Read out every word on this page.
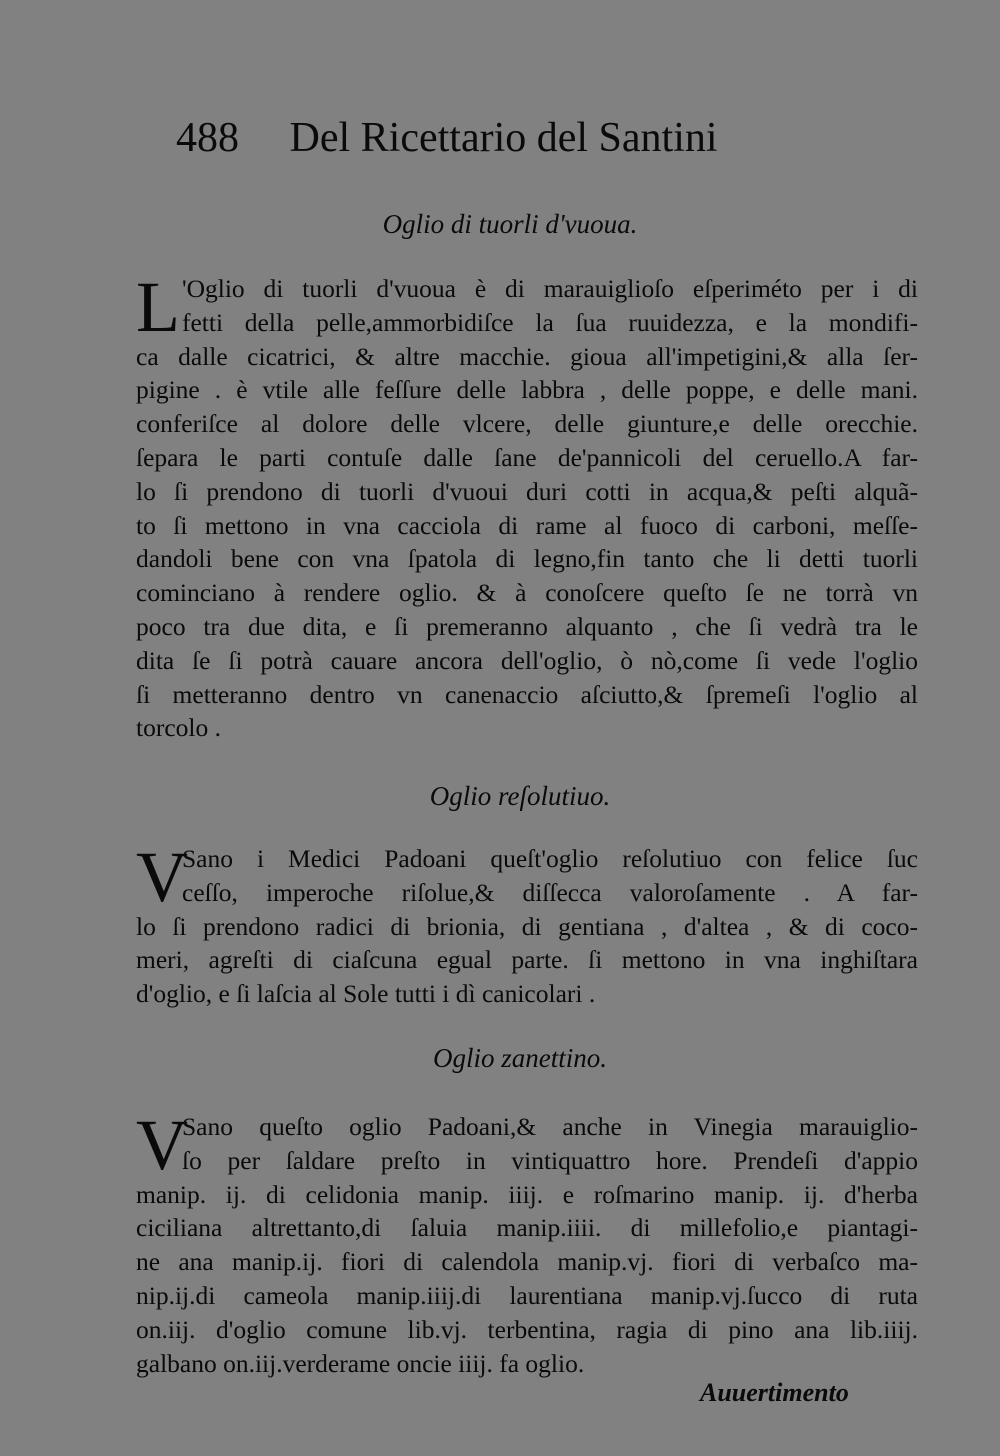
488 Del Ricettario del Santini
Oglio di tuorli d'vuoua.
L 'Oglio di tuorli d'vuoua è di marauiglioſo eſperiméto per i di
fetti della pelle,ammorbidiſce la ſua ruuidezza, e la mondifi-
ca dalle cicatrici, & altre macchie. gioua all'impetigini,& alla ſer-
pigine . è vtile alle feſſure delle labbra , delle poppe, e delle mani.
conferiſce al dolore delle vlcere, delle giunture,e delle orecchie.
ſepara le parti contuſe dalle ſane de'pannicoli del ceruello.A far-
lo ſi prendono di tuorli d'vuoui duri cotti in acqua,& peſti alquã-
to ſi mettono in vna cacciola di rame al fuoco di carboni, meſſe-
dandoli bene con vna ſpatola di legno,fin tanto che li detti tuorli
cominciano à rendere oglio. & à conoſcere queſto ſe ne torrà vn
poco tra due dita, e ſi premeranno alquanto , che ſi vedrà tra le
dita ſe ſi potrà cauare ancora dell'oglio, ò nò,come ſi vede l'oglio
ſi metteranno dentro vn canenaccio aſciutto,& ſpremeſi l'oglio al
torcolo .
Oglio reſolutiuo.
V
Sano i Medici Padoani queſt'oglio reſolutiuo con felice ſuc
ceſſo, imperoche riſolue,& diſſecca valoroſamente . A far-
lo ſi prendono radici di brionia, di gentiana , d'altea , & di coco-
meri, agreſti di ciaſcuna egual parte. ſi mettono in vna inghiſtara
d'oglio, e ſi laſcia al Sole tutti i dì canicolari .
Oglio zanettino.
V
Sano queſto oglio Padoani,& anche in Vinegia marauiglio-
ſo per ſaldare preſto in vintiquattro hore. Prendeſi d'appio
manip. ij. di celidonia manip. iiij. e roſmarino manip. ij. d'herba
ciciliana altrettanto,di ſaluia manip.iiii. di millefolio,e piantagi-
ne ana manip.ij. fiori di calendola manip.vj. fiori di verbaſco ma-
nip.ij.di cameola manip.iiij.di laurentiana manip.vj.ſucco di ruta
on.iij. d'oglio comune lib.vj. terbentina, ragia di pino ana lib.iiij.
galbano on.iij.verderame oncie iiij. fa oglio.
Auuertimento
